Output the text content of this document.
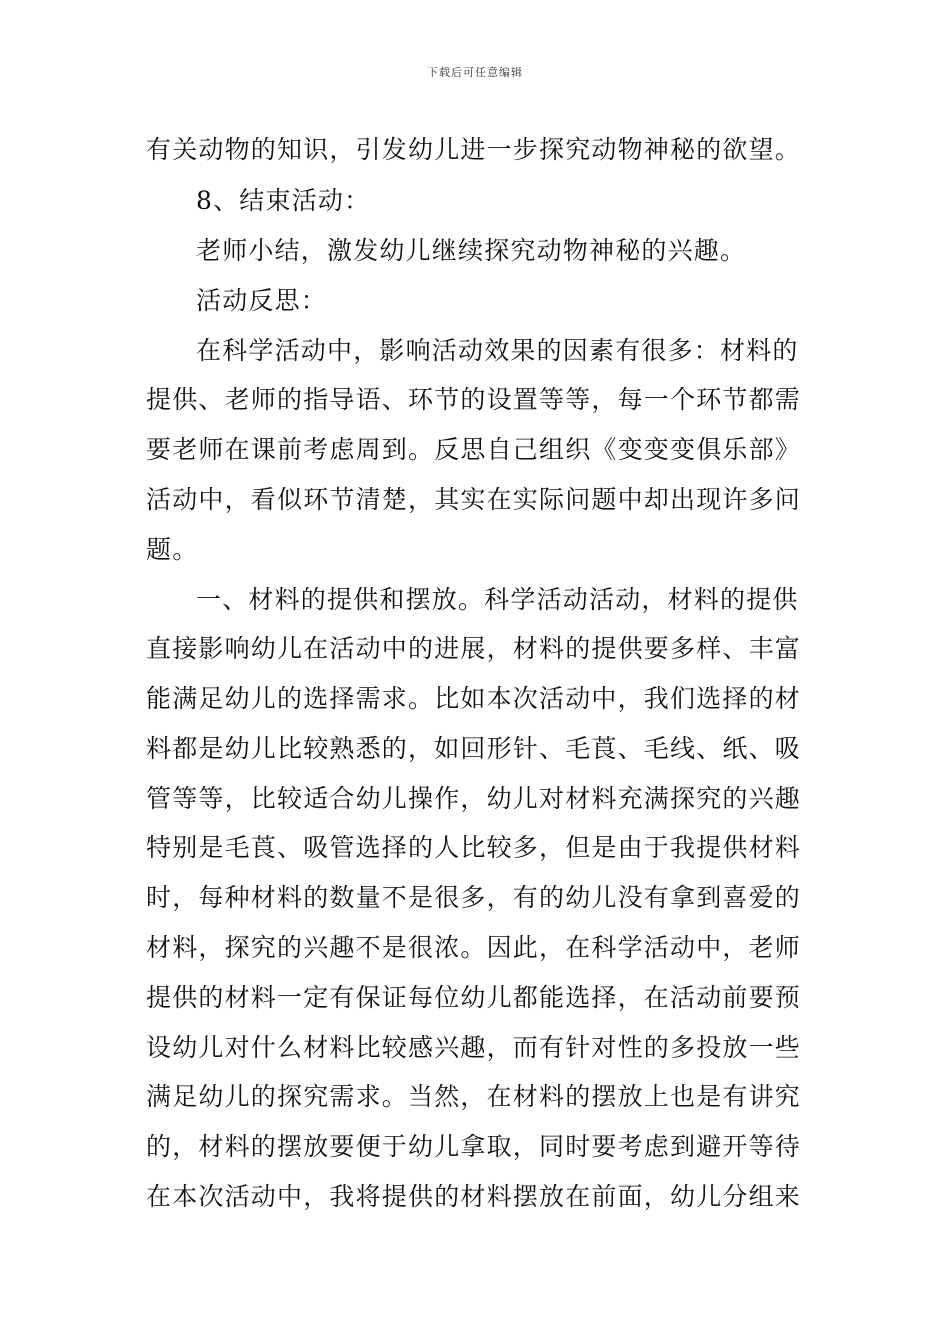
下载后可任意编辑
有关动物的知识，引发幼儿进一步探究动物神秘的欲望。
8、结束活动：
老师小结，激发幼儿继续探究动物神秘的兴趣。
活动反思：
在科学活动中，影响活动效果的因素有很多：材料的
提供、老师的指导语、环节的设置等等，每一个环节都需
要老师在课前考虑周到。反思自己组织《变变变俱乐部》
活动中，看似环节清楚，其实在实际问题中却出现许多问
题。
一、材料的提供和摆放。科学活动活动，材料的提供
直接影响幼儿在活动中的进展，材料的提供要多样、丰富
能满足幼儿的选择需求。比如本次活动中，我们选择的材
料都是幼儿比较熟悉的，如回形针、毛莨、毛线、纸、吸
管等等，比较适合幼儿操作，幼儿对材料充满探究的兴趣
特别是毛莨、吸管选择的人比较多，但是由于我提供材料
时，每种材料的数量不是很多，有的幼儿没有拿到喜爱的
材料，探究的兴趣不是很浓。因此，在科学活动中，老师
提供的材料一定有保证每位幼儿都能选择，在活动前要预
设幼儿对什么材料比较感兴趣，而有针对性的多投放一些
满足幼儿的探究需求。当然，在材料的摆放上也是有讲究
的，材料的摆放要便于幼儿拿取，同时要考虑到避开等待
在本次活动中，我将提供的材料摆放在前面，幼儿分组来
